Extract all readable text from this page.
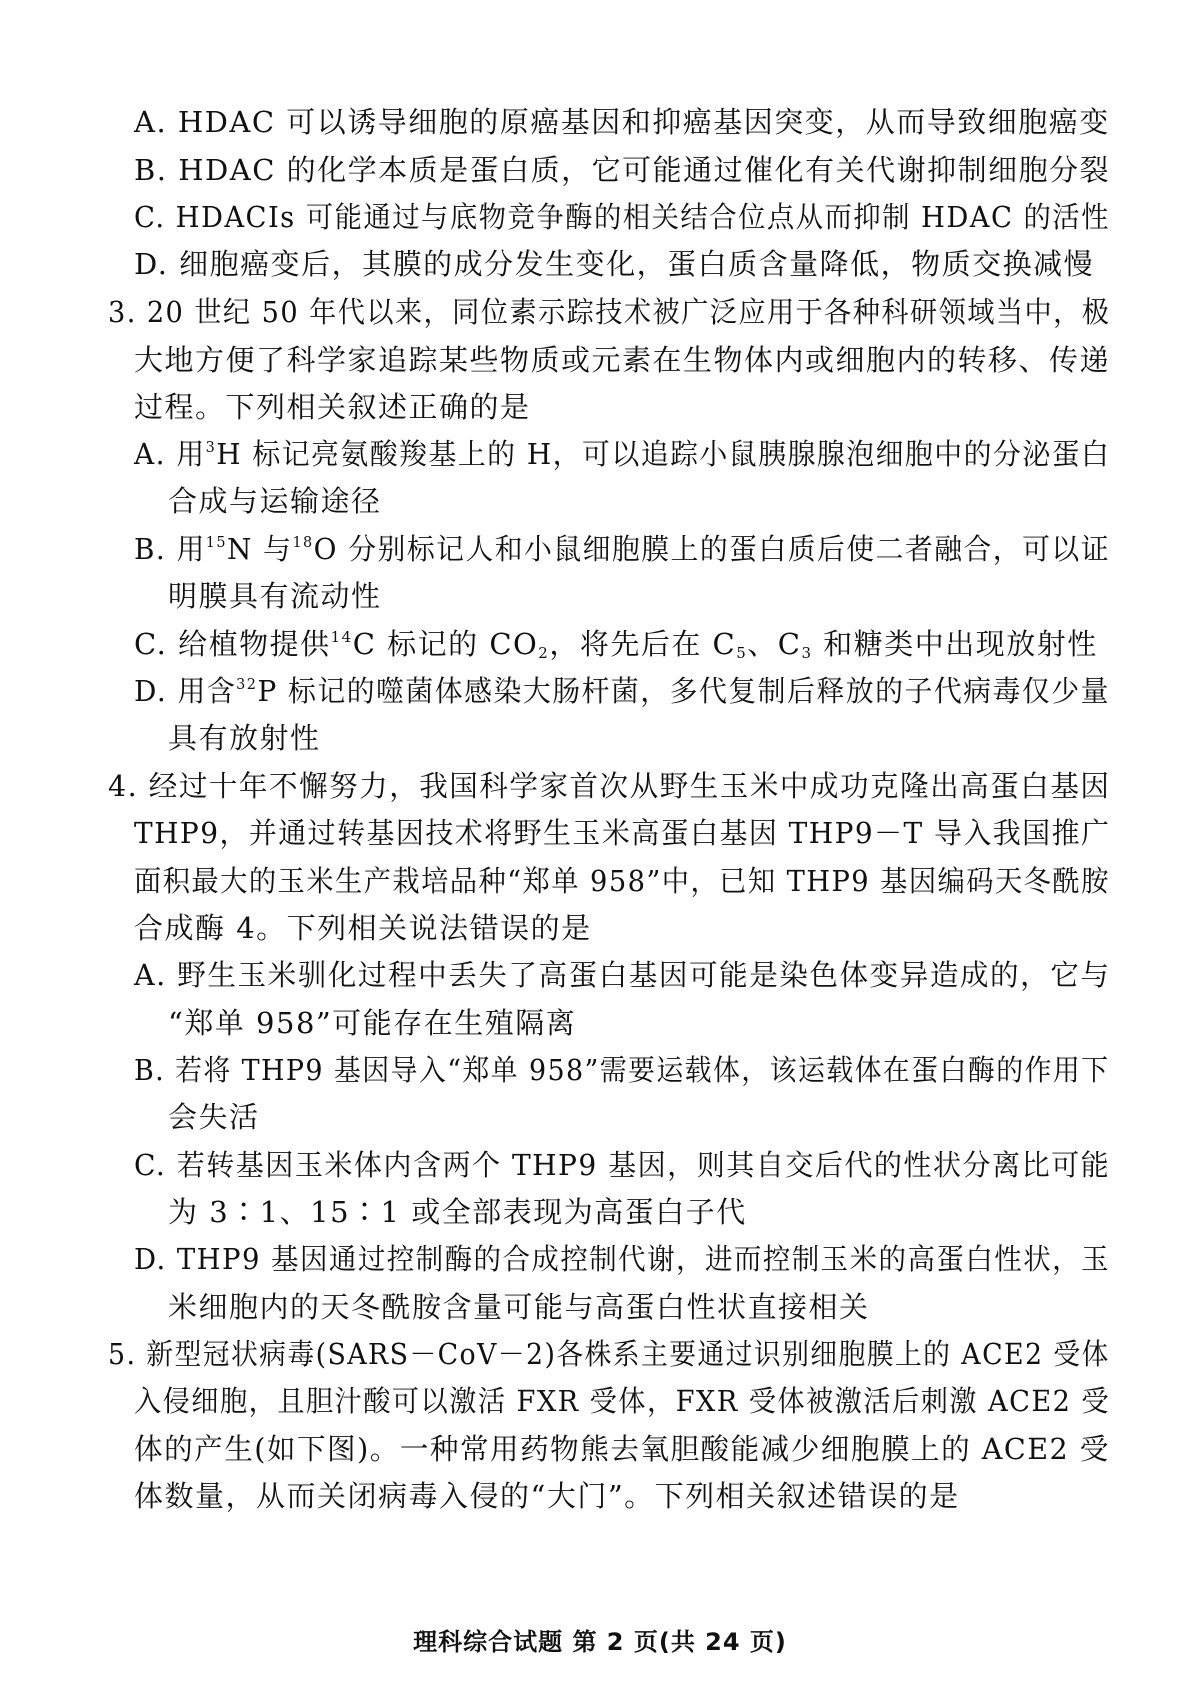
A. HDAC 可以诱导细胞的原癌基因和抑癌基因突变，从而导致细胞癌变
B. HDAC 的化学本质是蛋白质，它可能通过催化有关代谢抑制细胞分裂
C. HDACIs 可能通过与底物竞争酶的相关结合位点从而抑制 HDAC 的活性
D. 细胞癌变后，其膜的成分发生变化，蛋白质含量降低，物质交换减慢
3. 20 世纪 50 年代以来，同位素示踪技术被广泛应用于各种科研领域当中，极
大地方便了科学家追踪某些物质或元素在生物体内或细胞内的转移、传递
过程。下列相关叙述正确的是
A. 用$^3$H 标记亮氨酸羧基上的 H，可以追踪小鼠胰腺腺泡细胞中的分泌蛋白
合成与运输途径
B. 用$^{15}$N 与$^{18}$O 分别标记人和小鼠细胞膜上的蛋白质后使二者融合，可以证
明膜具有流动性
C. 给植物提供$^{14}$C 标记的 $CO_2$，将先后在 $C_5$、$C_3$ 和糖类中出现放射性
D. 用含$^{32}$P 标记的噬菌体感染大肠杆菌，多代复制后释放的子代病毒仅少量
具有放射性
4. 经过十年不懈努力，我国科学家首次从野生玉米中成功克隆出高蛋白基因
THP9，并通过转基因技术将野生玉米高蛋白基因 THP9－T 导入我国推广
面积最大的玉米生产栽培品种“郑单 958”中，已知 THP9 基因编码天冬酰胺
合成酶 4。下列相关说法错误的是
A. 野生玉米驯化过程中丢失了高蛋白基因可能是染色体变异造成的，它与
“郑单 958”可能存在生殖隔离
B. 若将 THP9 基因导入“郑单 958”需要运载体，该运载体在蛋白酶的作用下
会失活
C. 若转基因玉米体内含两个 THP9 基因，则其自交后代的性状分离比可能
为 3∶1、15∶1 或全部表现为高蛋白子代
D. THP9 基因通过控制酶的合成控制代谢，进而控制玉米的高蛋白性状，玉
米细胞内的天冬酰胺含量可能与高蛋白性状直接相关
5. 新型冠状病毒(SARS－CoV－2)各株系主要通过识别细胞膜上的 ACE2 受体
入侵细胞，且胆汁酸可以激活 FXR 受体，FXR 受体被激活后刺激 ACE2 受
体的产生(如下图)。一种常用药物熊去氧胆酸能减少细胞膜上的 ACE2 受
体数量，从而关闭病毒入侵的“大门”。下列相关叙述错误的是
理科综合试题 第 2 页(共 24 页)
